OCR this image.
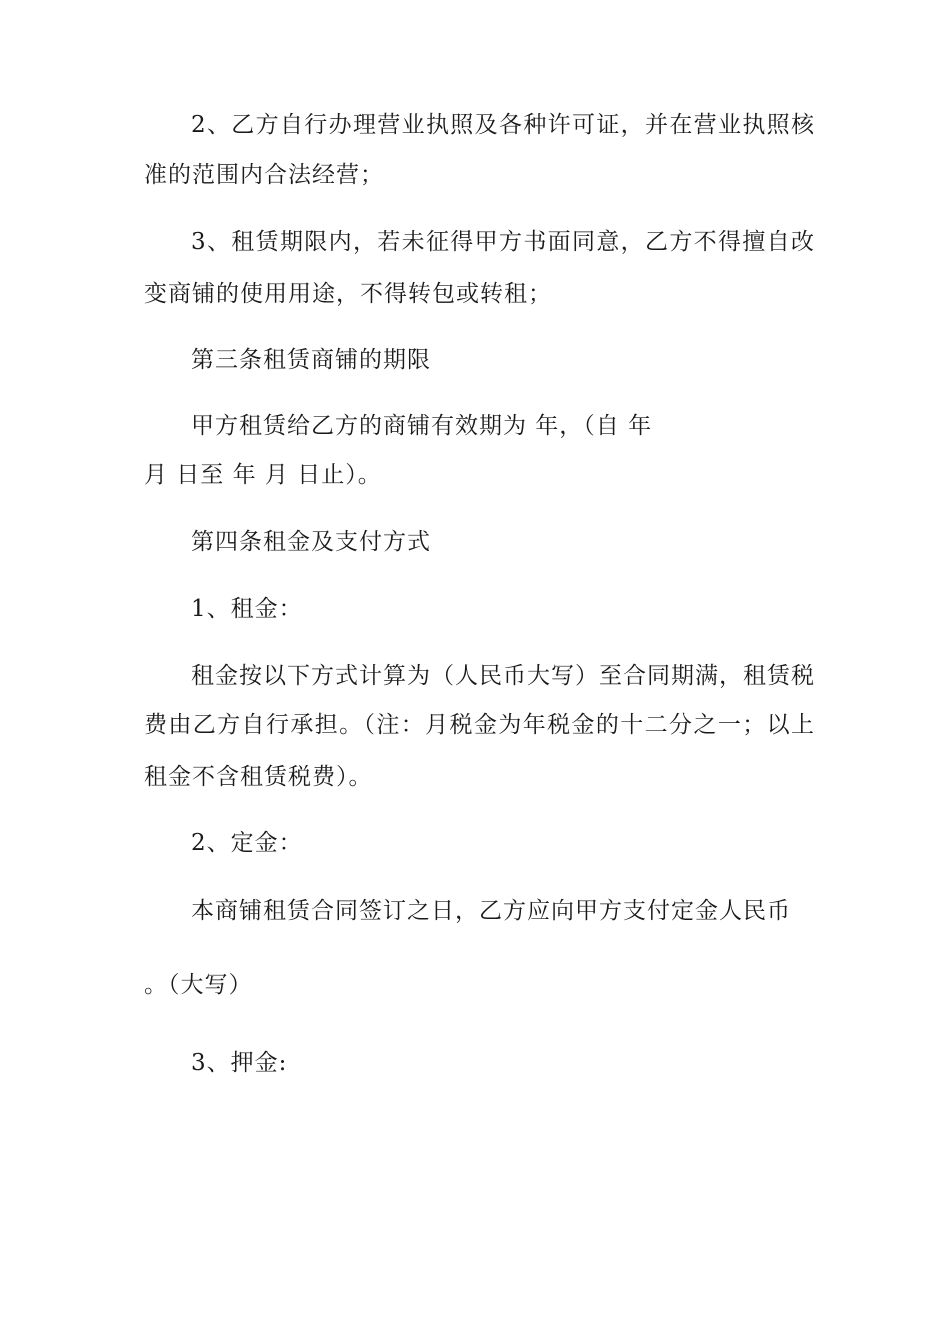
2、乙方自行办理营业执照及各种许可证，并在营业执照核
准的范围内合法经营；
3、租赁期限内，若未征得甲方书面同意，乙方不得擅自改
变商铺的使用用途，不得转包或转租；
第三条租赁商铺的期限
甲方租赁给乙方的商铺有效期为 年，（自 年
月 日至 年 月 日止）。
第四条租金及支付方式
1、租金：
租金按以下方式计算为（人民币大写）至合同期满，租赁税
费由乙方自行承担。（注：月税金为年税金的十二分之一；以上
租金不含租赁税费）。
2、定金：
本商铺租赁合同签订之日，乙方应向甲方支付定金人民币
。（大写）
3、押金:
